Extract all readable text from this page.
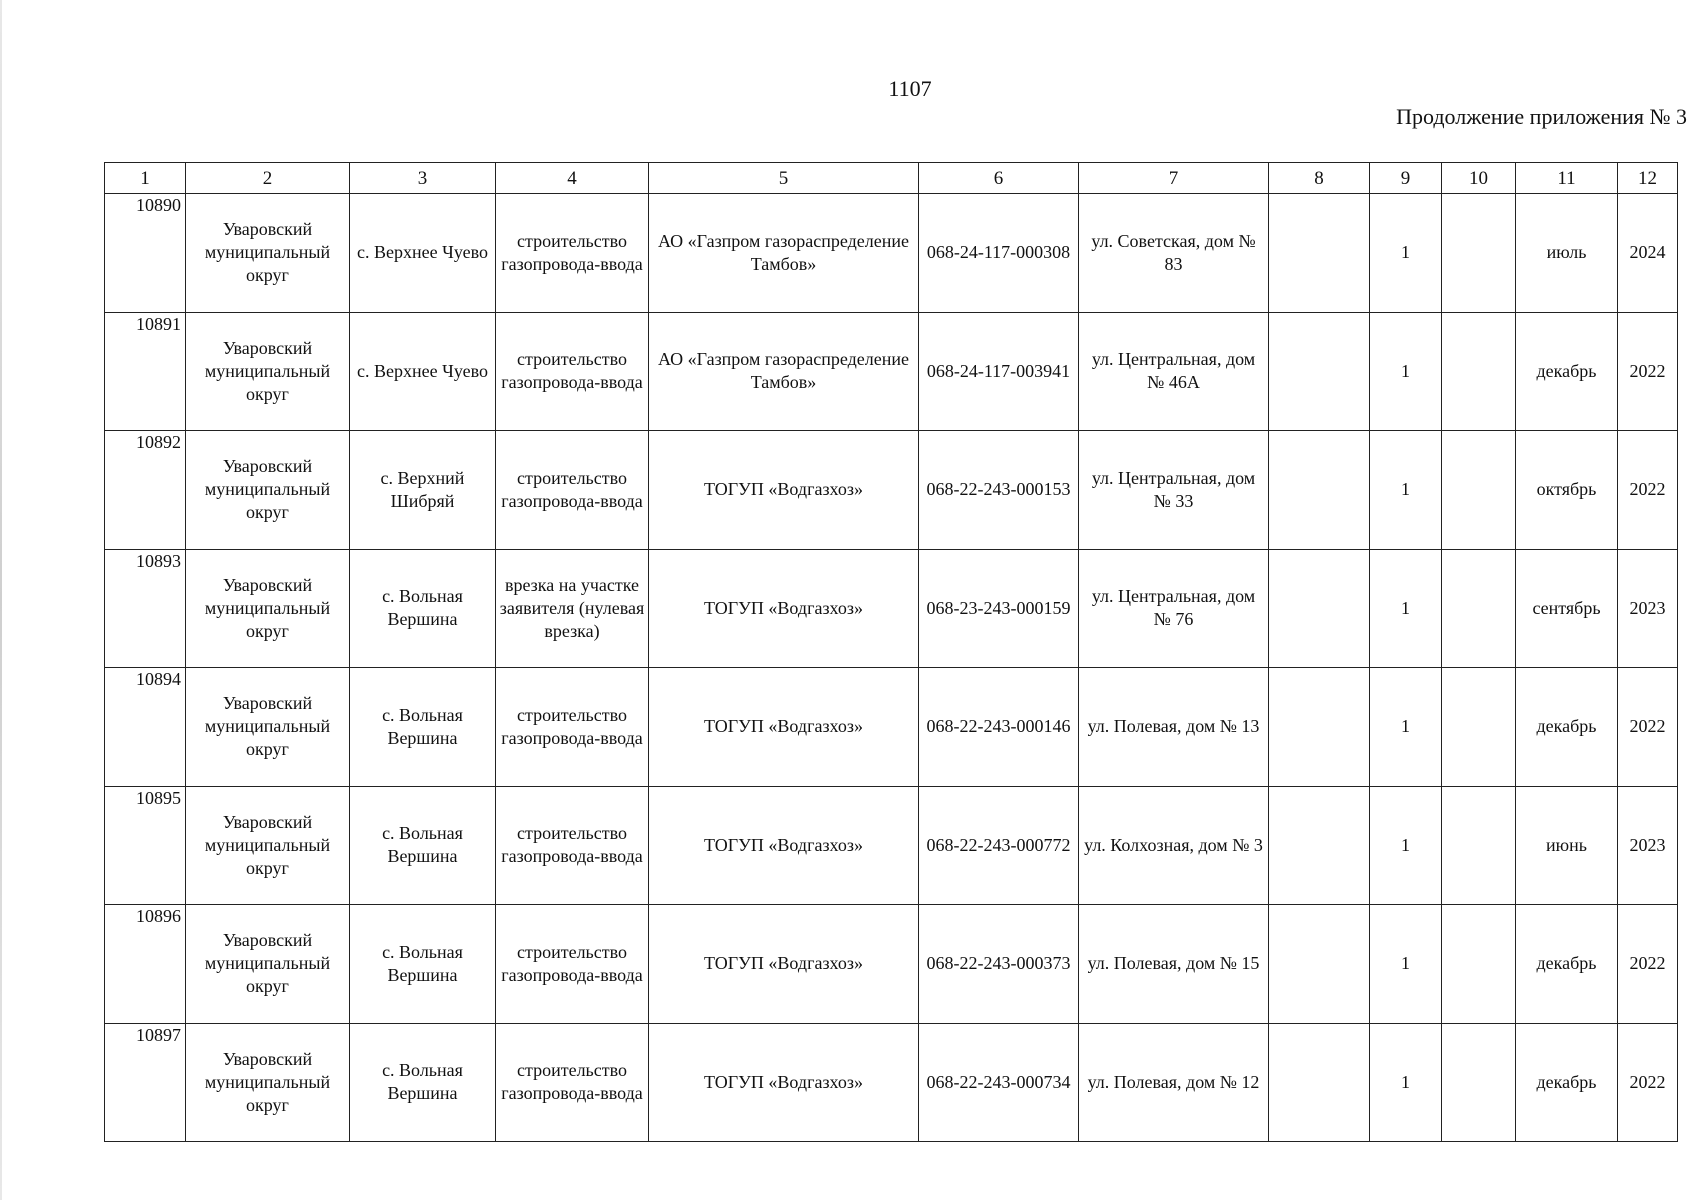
1107
Продолжение приложения № 3
1	2	3	4	5	6	7	8	9	10	11	12
10890	Уваровский муниципальный округ	с. Верхнее Чуево	строительство газопровода-ввода	АО «Газпром газораспределение Тамбов»	068-24-117-000308	ул. Советская, дом № 83		1		июль	2024
10891	Уваровский муниципальный округ	с. Верхнее Чуево	строительство газопровода-ввода	АО «Газпром газораспределение Тамбов»	068-24-117-003941	ул. Центральная, дом № 46А		1		декабрь	2022
10892	Уваровский муниципальный округ	с. Верхний Шибряй	строительство газопровода-ввода	ТОГУП «Водгазхоз»	068-22-243-000153	ул. Центральная, дом № 33		1		октябрь	2022
10893	Уваровский муниципальный округ	с. Вольная Вершина	врезка на участке заявителя (нулевая врезка)	ТОГУП «Водгазхоз»	068-23-243-000159	ул. Центральная, дом № 76		1		сентябрь	2023
10894	Уваровский муниципальный округ	с. Вольная Вершина	строительство газопровода-ввода	ТОГУП «Водгазхоз»	068-22-243-000146	ул. Полевая, дом № 13		1		декабрь	2022
10895	Уваровский муниципальный округ	с. Вольная Вершина	строительство газопровода-ввода	ТОГУП «Водгазхоз»	068-22-243-000772	ул. Колхозная, дом № 3		1		июнь	2023
10896	Уваровский муниципальный округ	с. Вольная Вершина	строительство газопровода-ввода	ТОГУП «Водгазхоз»	068-22-243-000373	ул. Полевая, дом № 15		1		декабрь	2022
10897	Уваровский муниципальный округ	с. Вольная Вершина	строительство газопровода-ввода	ТОГУП «Водгазхоз»	068-22-243-000734	ул. Полевая, дом № 12		1		декабрь	2022
